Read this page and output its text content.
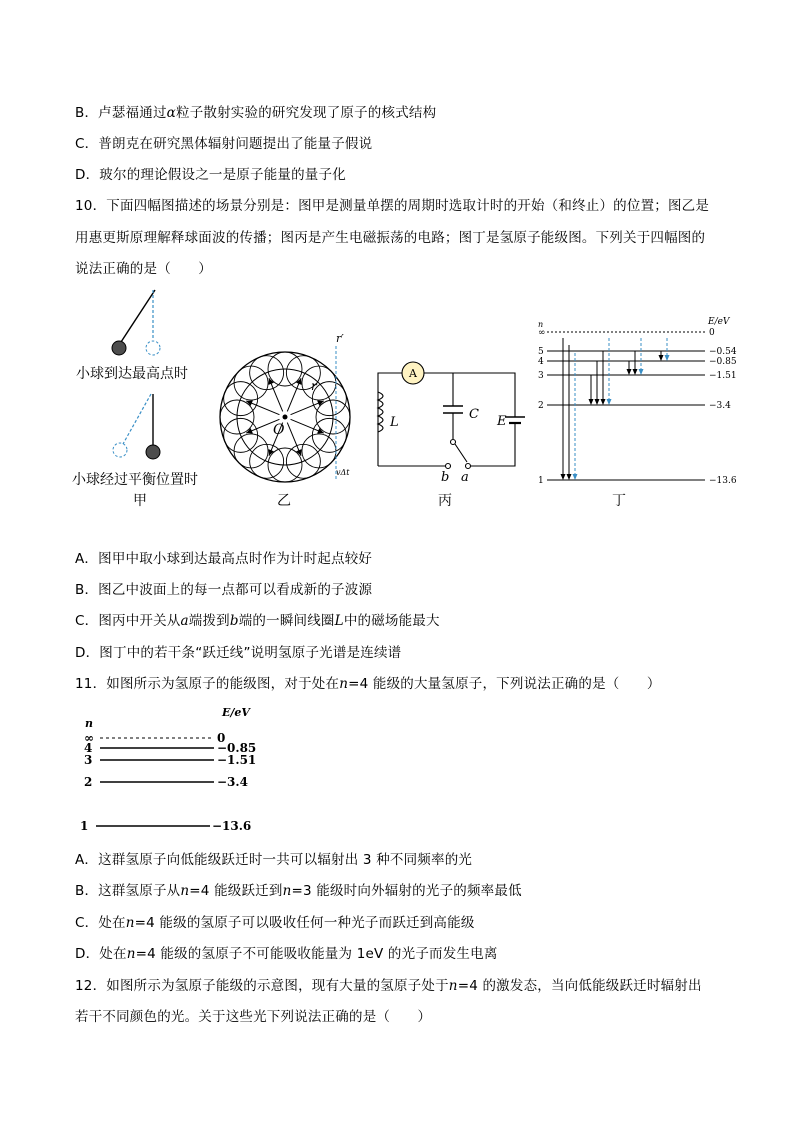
B．卢瑟福通过α粒子散射实验的研究发现了原子的核式结构
C．普朗克在研究黑体辐射问题提出了能量子假说
D．玻尔的理论假设之一是原子能量的量子化
10．下面四幅图描述的场景分别是：图甲是测量单摆的周期时选取计时的开始（和终止）的位置；图乙是
用惠更斯原理解释球面波的传播；图丙是产生电磁振荡的电路；图丁是氢原子能级图。下列关于四幅图的
说法正确的是（　　）
小球到达最高点时
小球经过平衡位置时
甲
O
r
r′
vΔt
乙
A
L
C E
b a
丙
n	E/eV
∞	0
5	−0.54
4	−0.85
3	−1.51
2	−3.4
1	−13.6
丁
A．图甲中取小球到达最高点时作为计时起点较好
B．图乙中波面上的每一点都可以看成新的子波源
C．图丙中开关从a端拨到b端的一瞬间线圈L中的磁场能最大
D．图丁中的若干条“跃迁线”说明氢原子光谱是连续谱
11．如图所示为氢原子的能级图，对于处在n=4 能级的大量氢原子，下列说法正确的是（　　）
n
E/eV
∞	0
4	−0.85
3	−1.51
2	−3.4
1	−13.6
A．这群氢原子向低能级跃迁时一共可以辐射出 3 种不同频率的光
B．这群氢原子从n=4 能级跃迁到n=3 能级时向外辐射的光子的频率最低
C．处在n=4 能级的氢原子可以吸收任何一种光子而跃迁到高能级
D．处在n=4 能级的氢原子不可能吸收能量为 1eV 的光子而发生电离
12．如图所示为氢原子能级的示意图，现有大量的氢原子处于n=4 的激发态，当向低能级跃迁时辐射出
若干不同颜色的光。关于这些光下列说法正确的是（　　）
